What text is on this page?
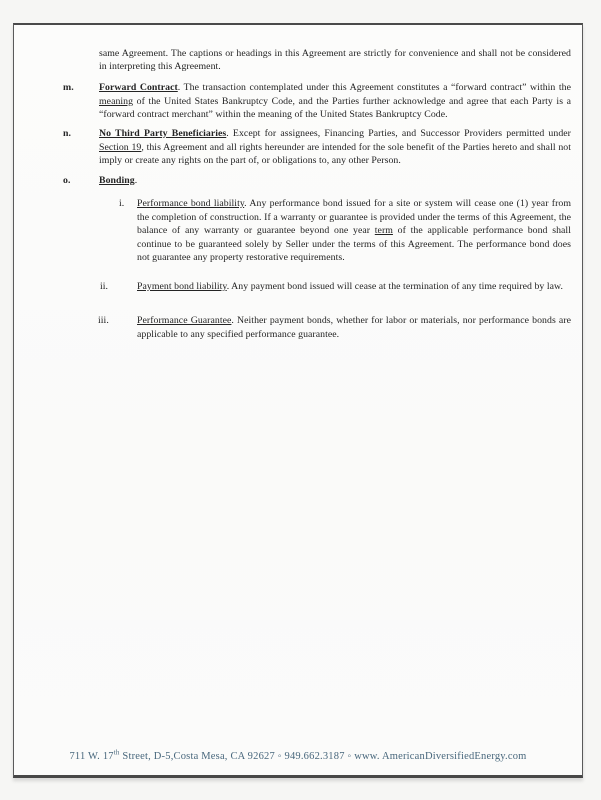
same Agreement. The captions or headings in this Agreement are strictly for convenience and shall not be considered in interpreting this Agreement.

m.	Forward Contract. The transaction contemplated under this Agreement constitutes a “forward contract” within the meaning of the United States Bankruptcy Code, and the Parties further acknowledge and agree that each Party is a “forward contract merchant” within the meaning of the United States Bankruptcy Code.

n.	No Third Party Beneficiaries. Except for assignees, Financing Parties, and Successor Providers permitted under Section 19, this Agreement and all rights hereunder are intended for the sole benefit of the Parties hereto and shall not imply or create any rights on the part of, or obligations to, any other Person.

o.	Bonding.

i. Performance bond liability. Any performance bond issued for a site or system will cease one (1) year from the completion of construction. If a warranty or guarantee is provided under the terms of this Agreement, the balance of any warranty or guarantee beyond one year term of the applicable performance bond shall continue to be guaranteed solely by Seller under the terms of this Agreement. The performance bond does not guarantee any property restorative requirements.

ii.	Payment bond liability. Any payment bond issued will cease at the termination of any time required by law.

iii.	Performance Guarantee. Neither payment bonds, whether for labor or materials, nor performance bonds are applicable to any specified performance guarantee.

711 W. 17th Street, D-5,Costa Mesa, CA 92627 ◦ 949.662.3187 ◦ www. AmericanDiversifiedEnergy.com
